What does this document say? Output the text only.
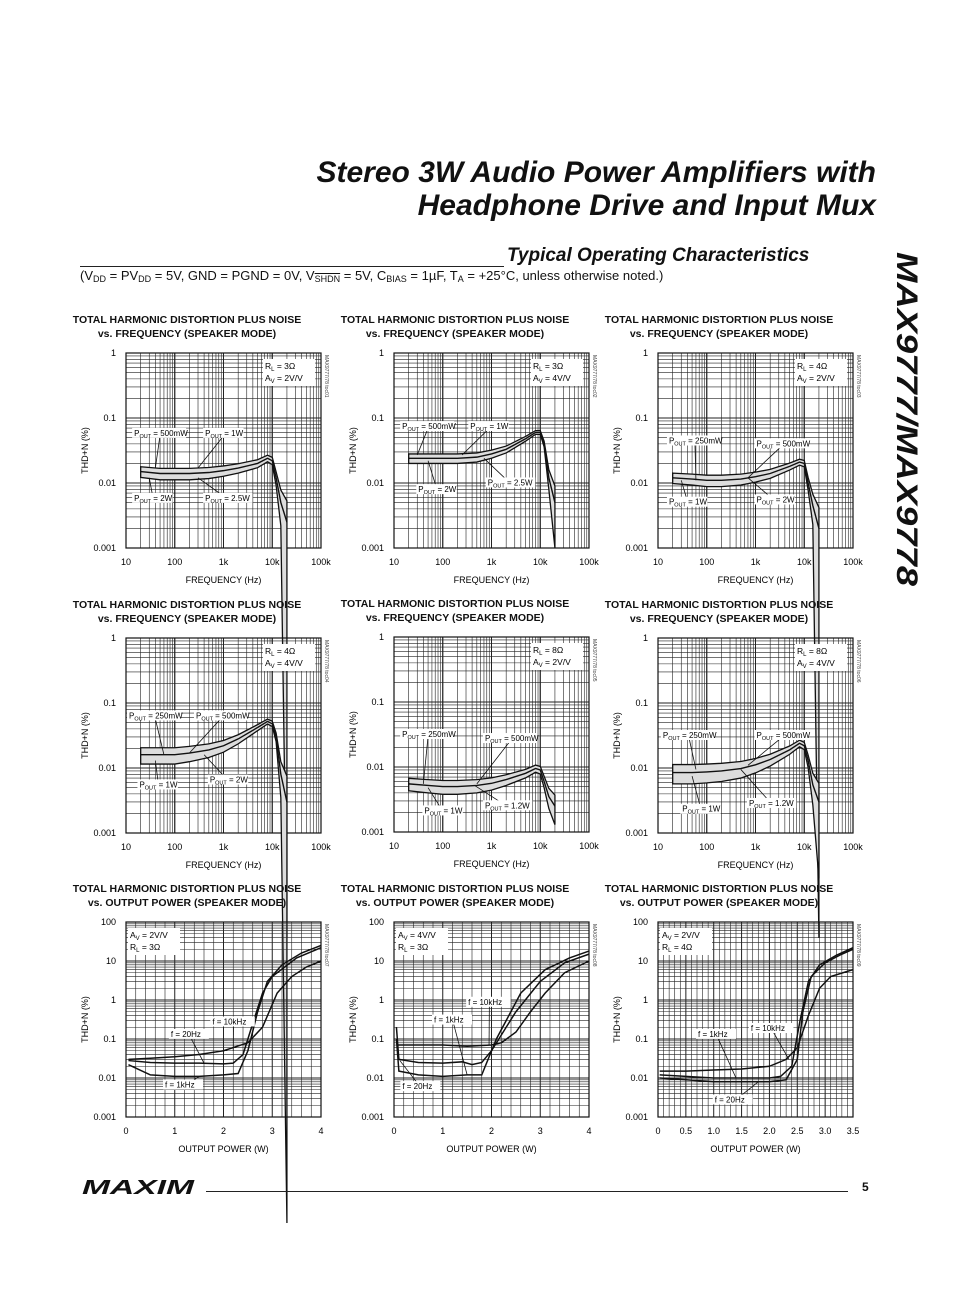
Stereo 3W Audio Power Amplifiers with
Headphone Drive and Input Mux
MAX9777/MAX9778
Typical Operating Characteristics
($V_{DD} = PV_{DD} = 5V$, GND = PGND = 0V, $V_{SHDN} = 5V$, $C_{BIAS} = 1\mu F$, $T_A = +25^\circ C$, unless otherwise noted.)
TOTAL HARMONIC DISTORTION PLUS NOISE
vs. FREQUENCY (SPEAKER MODE)
10	100	1k	10k	100k
0.001
0.01
0.1
1
FREQUENCY (Hz)
THD+N (%)
MAX9777/78 toc01
$R_L = 3\Omega$
$A_V = 2V/V$
$P_{OUT} = 500mW$ $P_{OUT} = 1W$
$P_{OUT} = 2W$	$P_{OUT} = 2.5W$
TOTAL HARMONIC DISTORTION PLUS NOISE
vs. FREQUENCY (SPEAKER MODE)
10	100	1k	10k	100k
0.001
0.01
0.1
1
FREQUENCY (Hz)
THD+N (%)
MAX9777/78 toc02
$R_L = 3\Omega$
$A_V = 4V/V$
$P_{OUT} = 500mW$ $P_{OUT} = 1W$
$P_{OUT} = 2W$
$P_{OUT} = 2.5W$
TOTAL HARMONIC DISTORTION PLUS NOISE
vs. FREQUENCY (SPEAKER MODE)
10	100	1k	10k	100k
0.001
0.01
0.1
1
FREQUENCY (Hz)
THD+N (%)
MAX9777/78 toc03
$R_L = 4\Omega$
$A_V = 2V/V$
$P_{OUT} = 250mW$	$P_{OUT} = 500mW$
$P_{OUT} = 1W$	$P_{OUT} = 2W$
TOTAL HARMONIC DISTORTION PLUS NOISE
vs. FREQUENCY (SPEAKER MODE)
10	100	1k	10k	100k
0.001
0.01
0.1
1
FREQUENCY (Hz)
THD+N (%)
MAX9777/78 toc04
$R_L = 4\Omega$
$A_V = 4V/V$
$P_{OUT} = 250mW$ $P_{OUT} = 500mW$
$P_{OUT} = 1W$
$P_{OUT} = 2W$
TOTAL HARMONIC DISTORTION PLUS NOISE
vs. FREQUENCY (SPEAKER MODE)
10	100	1k	10k	100k
0.001
0.01
0.1
1
FREQUENCY (Hz)
THD+N (%)
MAX9777/78 toc05
$R_L = 8\Omega$
$A_V = 2V/V$
$P_{OUT} = 250mW$	$P_{OUT} = 500mW$
$P_{OUT} = 1W$
$P_{OUT} = 1.2W$
TOTAL HARMONIC DISTORTION PLUS NOISE
vs. FREQUENCY (SPEAKER MODE)
10	100	1k	10k	100k
0.001
0.01
0.1
1
FREQUENCY (Hz)
THD+N (%)
MAX9777/78 toc06
$R_L = 8\Omega$
$A_V = 4V/V$
$P_{OUT} = 250mW$	$P_{OUT} = 500mW$
$P_{OUT} = 1W$
$P_{OUT} = 1.2W$
TOTAL HARMONIC DISTORTION PLUS NOISE
vs. OUTPUT POWER (SPEAKER MODE)
0	1	2	3	4
0.001
0.01
0.1
1
10
100
OUTPUT POWER (W)
THD+N (%)
MAX9777/78 toc07
$A_V = 2V/V$
$R_L = 3\Omega$
f = 20Hz
f = 10kHz
f = 1kHz
TOTAL HARMONIC DISTORTION PLUS NOISE
vs. OUTPUT POWER (SPEAKER MODE)
0	1	2	3	4
0.001
0.01
0.1
1
10
100
OUTPUT POWER (W)
THD+N (%)
MAX9777/78 toc08
$A_V = 4V/V$
$R_L = 3\Omega$
f = 10kHz
f = 1kHz
f = 20Hz
TOTAL HARMONIC DISTORTION PLUS NOISE
vs. OUTPUT POWER (SPEAKER MODE)
0 0.5 1.0 1.5 2.0 2.5 3.0 3.5
0.001
0.01
0.1
1
10
100
OUTPUT POWER (W)
THD+N (%)
MAX9777/78 toc09
$A_V = 2V/V$
$R_L = 4\Omega$
f = 1kHz
f = 10kHz
f = 20Hz
MAXIM	5
